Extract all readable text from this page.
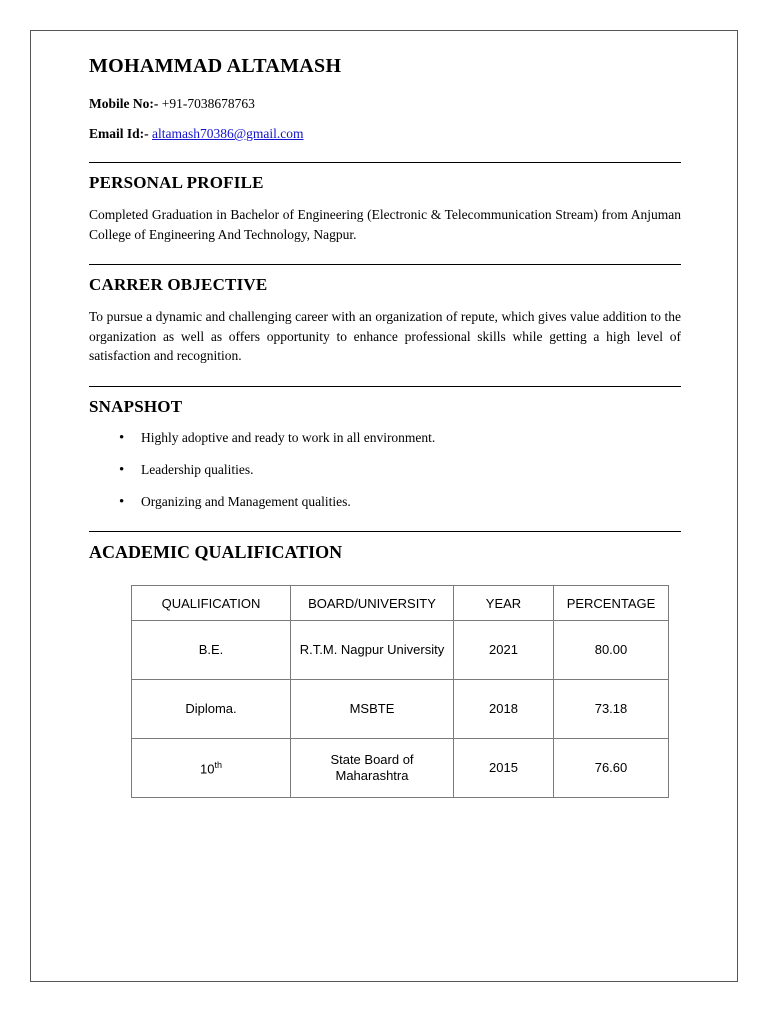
MOHAMMAD ALTAMASH

Mobile No:- +91-7038678763

Email Id:- altamash70386@gmail.com

PERSONAL PROFILE

Completed Graduation in Bachelor of Engineering (Electronic & Telecommunication Stream) from Anjuman College of Engineering And Technology, Nagpur.

CARRER OBJECTIVE

To pursue a dynamic and challenging career with an organization of repute, which gives value addition to the organization as well as offers opportunity to enhance professional skills while getting a high level of satisfaction and recognition.

SNAPSHOT
• Highly adoptive and ready to work in all environment.
• Leadership qualities.
• Organizing and Management qualities.
ACADEMIC QUALIFICATION
QUALIFICATION	BOARD/UNIVERSITY	YEAR	PERCENTAGE
B.E.	R.T.M. Nagpur University	2021	80.00
Diploma.	MSBTE	2018	73.18
10th	State Board of Maharashtra	2015	76.60
